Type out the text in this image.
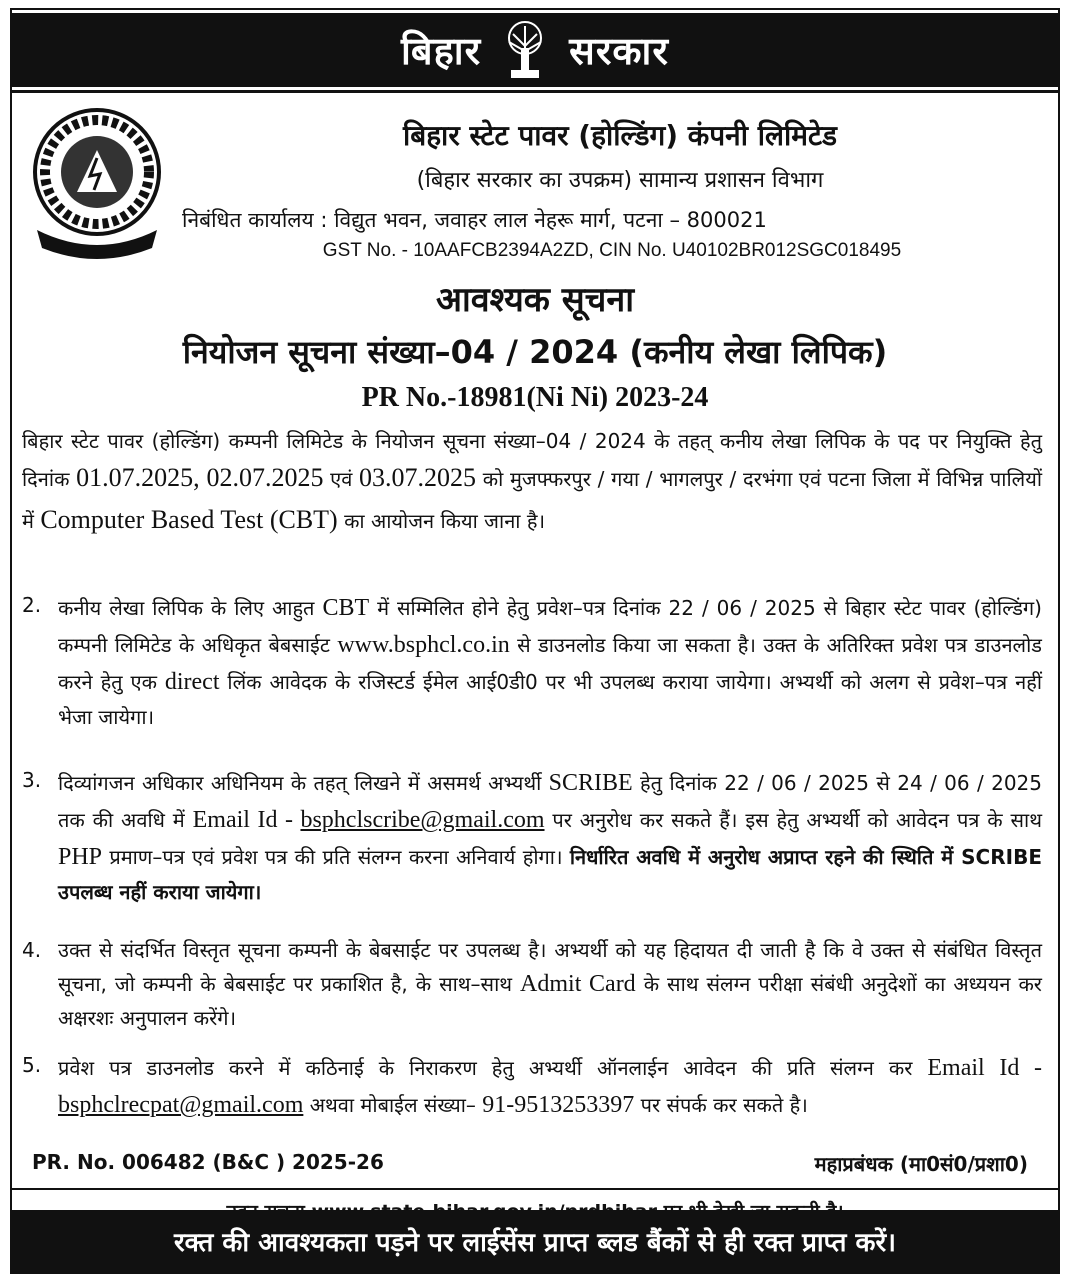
बिहार सरकार
बिहार स्टेट पावर (होल्डिंग) कंपनी लिमिटेड
(बिहार सरकार का उपक्रम) सामान्य प्रशासन विभाग
निबंधित कार्यालय : विद्युत भवन, जवाहर लाल नेहरू मार्ग, पटना – 800021
GST No. - 10AAFCB2394A2ZD, CIN No. U40102BR012SGC018495
आवश्यक सूचना
नियोजन सूचना संख्या–04 / 2024 (कनीय लेखा लिपिक)
PR No.-18981(Ni Ni) 2023-24
बिहार स्टेट पावर (होल्डिंग) कम्पनी लिमिटेड के नियोजन सूचना संख्या–04 / 2024 के तहत् कनीय लेखा लिपिक के पद पर नियुक्ति हेतु दिनांक 01.07.2025, 02.07.2025 एवं 03.07.2025 को मुजफ्फरपुर / गया / भागलपुर / दरभंगा एवं पटना जिला में विभिन्न पालियों में Computer Based Test (CBT) का आयोजन किया जाना है।
2. कनीय लेखा लिपिक के लिए आहुत CBT में सम्मिलित होने हेतु प्रवेश–पत्र दिनांक 22 / 06 / 2025 से बिहार स्टेट पावर (होल्डिंग) कम्पनी लिमिटेड के अधिकृत बेबसाईट www.bsphcl.co.in से डाउनलोड किया जा सकता है। उक्त के अतिरिक्त प्रवेश पत्र डाउनलोड करने हेतु एक direct लिंक आवेदक के रजिस्टर्ड ईमेल आई0डी0 पर भी उपलब्ध कराया जायेगा। अभ्यर्थी को अलग से प्रवेश–पत्र नहीं भेजा जायेगा।
3. दिव्यांगजन अधिकार अधिनियम के तहत् लिखने में असमर्थ अभ्यर्थी SCRIBE हेतु दिनांक 22 / 06 / 2025 से 24 / 06 / 2025 तक की अवधि में Email Id - bsphclscribe@gmail.com पर अनुरोध कर सकते हैं। इस हेतु अभ्यर्थी को आवेदन पत्र के साथ PHP प्रमाण–पत्र एवं प्रवेश पत्र की प्रति संलग्न करना अनिवार्य होगा। निर्धारित अवधि में अनुरोध अप्राप्त रहने की स्थिति में SCRIBE उपलब्ध नहीं कराया जायेगा।
4. उक्त से संदर्भित विस्तृत सूचना कम्पनी के बेबसाईट पर उपलब्ध है। अभ्यर्थी को यह हिदायत दी जाती है कि वे उक्त से संबंधित विस्तृत सूचना, जो कम्पनी के बेबसाईट पर प्रकाशित है, के साथ–साथ Admit Card के साथ संलग्न परीक्षा संबंधी अनुदेशों का अध्ययन कर अक्षरशः अनुपालन करेंगे।
5. प्रवेश पत्र डाउनलोड करने में कठिनाई के निराकरण हेतु अभ्यर्थी ऑनलाईन आवेदन की प्रति संलग्न कर Email Id - bsphclrecpat@gmail.com अथवा मोबाईल संख्या– 91-9513253397 पर संपर्क कर सकते है।
PR. No. 006482 (B&C ) 2025-26	महाप्रबंधक (मा0सं0/प्रशा0)
रक्त की आवश्यकता पड़ने पर लाईसेंस प्राप्त ब्लड बैंकों से ही रक्त प्राप्त करें।
